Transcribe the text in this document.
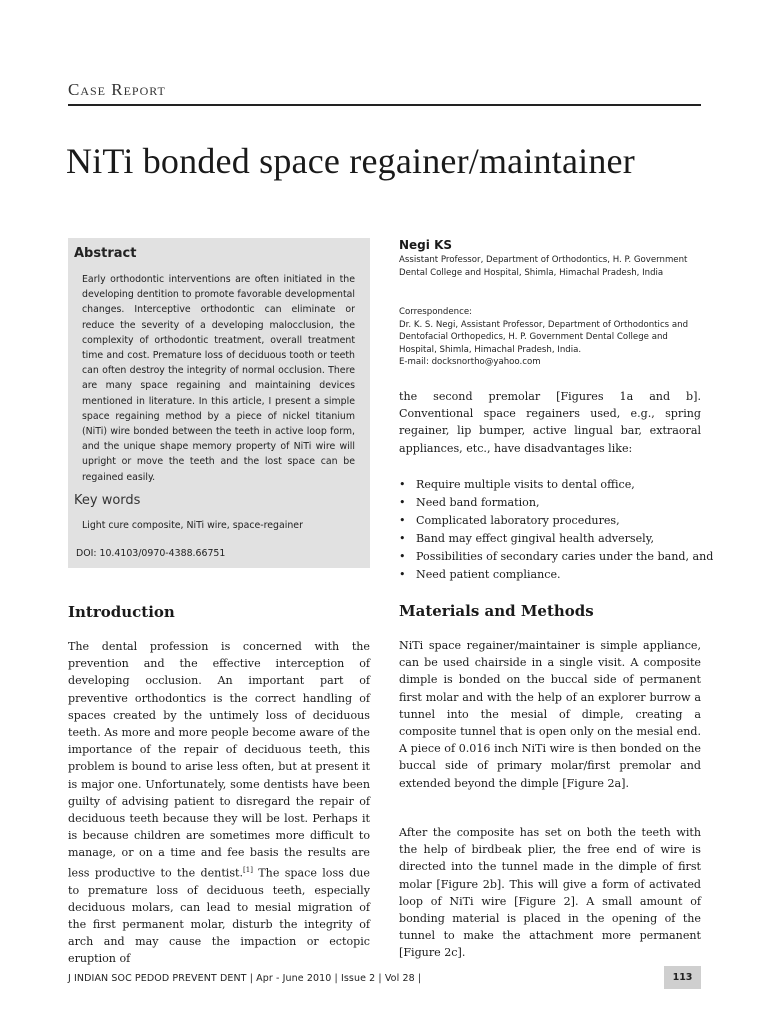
Case Report
NiTi bonded space regainer/maintainer
Abstract
Early orthodontic interventions are often initiated in the developing dentition to promote favorable developmental changes. Interceptive orthodontic can eliminate or reduce the severity of a developing malocclusion, the complexity of orthodontic treatment, overall treatment time and cost. Premature loss of deciduous tooth or teeth can often destroy the integrity of normal occlusion. There are many space regaining and maintaining devices mentioned in literature. In this article, I present a simple space regaining method by a piece of nickel titanium (NiTi) wire bonded between the teeth in active loop form, and the unique shape memory property of NiTi wire will upright or move the teeth and the lost space can be regained easily.
Key words
Light cure composite, NiTi wire, space-regainer
DOI: 10.4103/0970-4388.66751
Negi KS
Assistant Professor, Department of Orthodontics, H. P. Government Dental College and Hospital, Shimla, Himachal Pradesh, India
Correspondence:
Dr. K. S. Negi, Assistant Professor, Department of Orthodontics and Dentofacial Orthopedics, H. P. Government Dental College and Hospital, Shimla, Himachal Pradesh, India.
E-mail: docksnortho@yahoo.com
the second premolar [Figures 1a and b]. Conventional space regainers used, e.g., spring regainer, lip bumper, active lingual bar, extraoral appliances, etc., have disadvantages like:
• Require multiple visits to dental office,
• Need band formation,
• Complicated laboratory procedures,
• Band may effect gingival health adversely,
• Possibilities of secondary caries under the band, and
• Need patient compliance.
Introduction
The dental profession is concerned with the prevention and the effective interception of developing occlusion. An important part of preventive orthodontics is the correct handling of spaces created by the untimely loss of deciduous teeth. As more and more people become aware of the importance of the repair of deciduous teeth, this problem is bound to arise less often, but at present it is major one. Unfortunately, some dentists have been guilty of advising patient to disregard the repair of deciduous teeth because they will be lost. Perhaps it is because children are sometimes more difficult to manage, or on a time and fee basis the results are less productive to the dentist.[1] The space loss due to premature loss of deciduous teeth, especially deciduous molars, can lead to mesial migration of the first permanent molar, disturb the integrity of arch and may cause the impaction or ectopic eruption of
Materials and Methods
NiTi space regainer/maintainer is simple appliance, can be used chairside in a single visit. A composite dimple is bonded on the buccal side of permanent first molar and with the help of an explorer burrow a tunnel into the mesial of dimple, creating a composite tunnel that is open only on the mesial end. A piece of 0.016 inch NiTi wire is then bonded on the buccal side of primary molar/first premolar and extended beyond the dimple [Figure 2a].
After the composite has set on both the teeth with the help of birdbeak plier, the free end of wire is directed into the tunnel made in the dimple of first molar [Figure 2b]. This will give a form of activated loop of NiTi wire [Figure 2]. A small amount of bonding material is placed in the opening of the tunnel to make the attachment more permanent [Figure 2c].
J INDIAN SOC PEDOD PREVENT DENT | Apr - June 2010 | Issue 2 | Vol 28 |	113
